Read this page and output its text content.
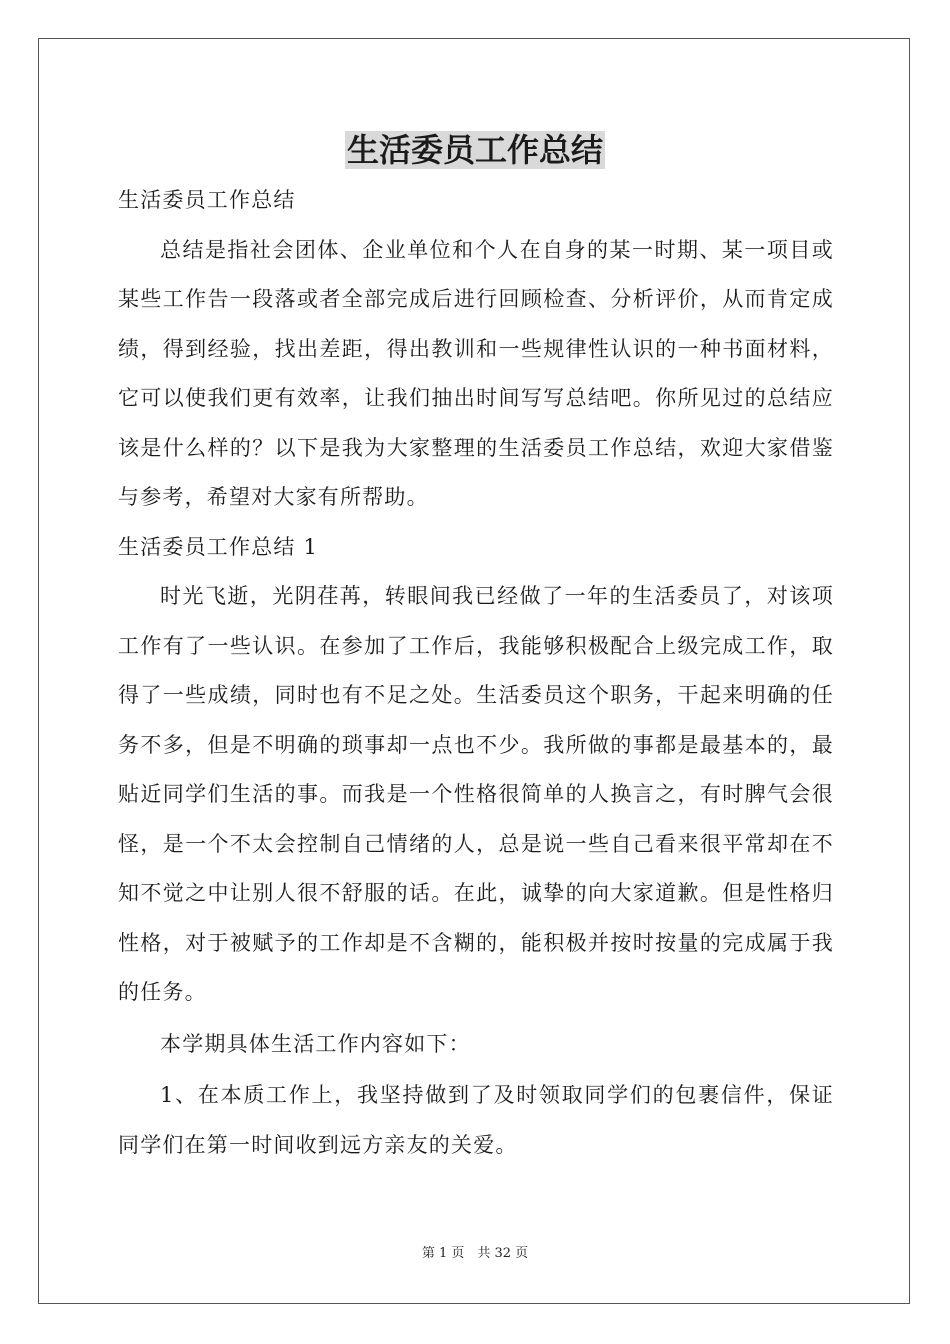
生活委员工作总结

生活委员工作总结

总结是指社会团体、企业单位和个人在自身的某一时期、某一项目或某些工作告一段落或者全部完成后进行回顾检查、分析评价，从而肯定成绩，得到经验，找出差距，得出教训和一些规律性认识的一种书面材料，它可以使我们更有效率，让我们抽出时间写写总结吧。你所见过的总结应该是什么样的？以下是我为大家整理的生活委员工作总结，欢迎大家借鉴与参考，希望对大家有所帮助。

生活委员工作总结 1

时光飞逝，光阴荏苒，转眼间我已经做了一年的生活委员了，对该项工作有了一些认识。在参加了工作后，我能够积极配合上级完成工作，取得了一些成绩，同时也有不足之处。生活委员这个职务，干起来明确的任务不多，但是不明确的琐事却一点也不少。我所做的事都是最基本的，最贴近同学们生活的事。而我是一个性格很简单的人换言之，有时脾气会很怪，是一个不太会控制自己情绪的人，总是说一些自己看来很平常却在不知不觉之中让别人很不舒服的话。在此，诚挚的向大家道歉。但是性格归性格，对于被赋予的工作却是不含糊的，能积极并按时按量的完成属于我的任务。

本学期具体生活工作内容如下：

1、在本质工作上，我坚持做到了及时领取同学们的包裹信件，保证同学们在第一时间收到远方亲友的关爱。

第 1 页　共 32 页
